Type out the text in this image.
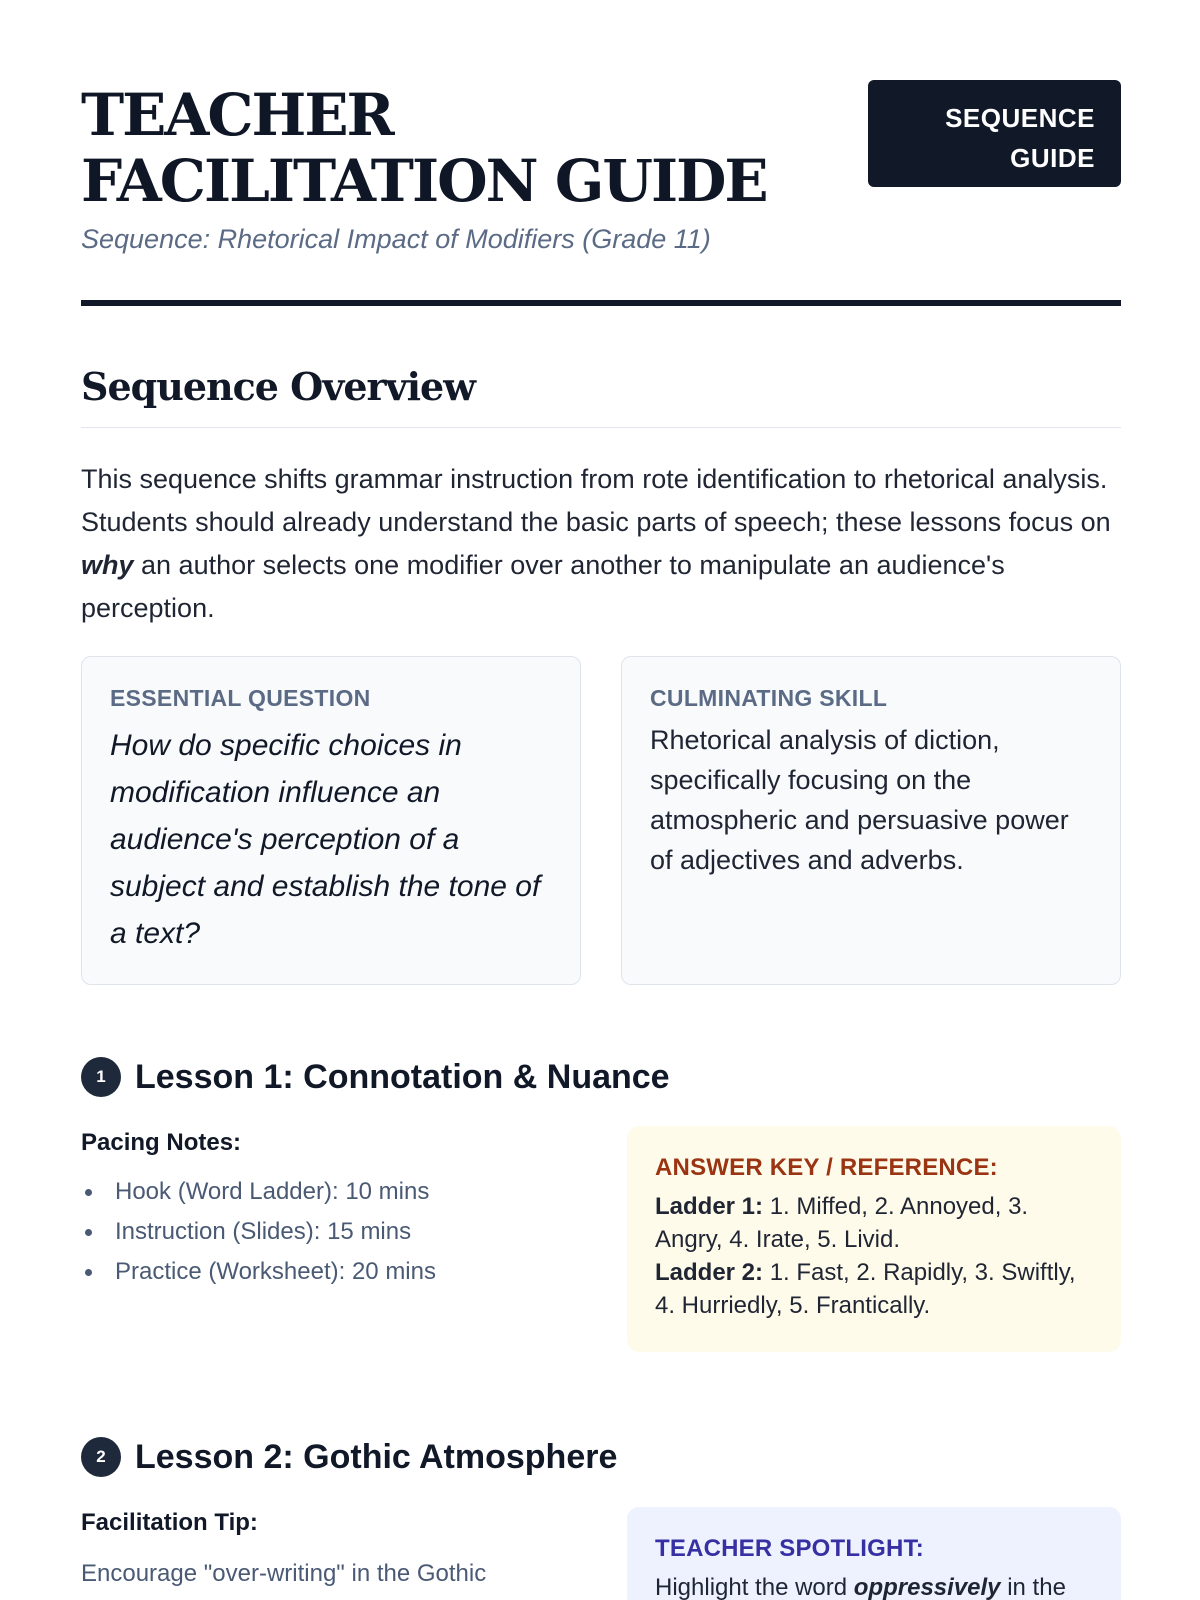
TEACHER FACILITATION GUIDE

Sequence: Rhetorical Impact of Modifiers (Grade 11)

SEQUENCE
GUIDE
Sequence Overview

This sequence shifts grammar instruction from rote identification to rhetorical analysis. Students should already understand the basic parts of speech; these lessons focus on why an author selects one modifier over another to manipulate an audience's perception.

ESSENTIAL QUESTION

How do specific choices in modification influence an audience's perception of a subject and establish the tone of a text?

CULMINATING SKILL

Rhetorical analysis of diction, specifically focusing on the atmospheric and persuasive power of adjectives and adverbs.

1 Lesson 1: Connotation & Nuance
Pacing Notes:
Hook (Word Ladder): 10 mins
Instruction (Slides): 15 mins
Practice (Worksheet): 20 mins
ANSWER KEY / REFERENCE:

Ladder 1: 1. Miffed, 2. Annoyed, 3. Angry, 4. Irate, 5. Livid.

Ladder 2: 1. Fast, 2. Rapidly, 3. Swiftly, 4. Hurriedly, 5. Frantically.

2 Lesson 2: Gothic Atmosphere
Facilitation Tip:

Encourage "over-writing" in the Gothic

TEACHER SPOTLIGHT:

Highlight the word oppressively in the
